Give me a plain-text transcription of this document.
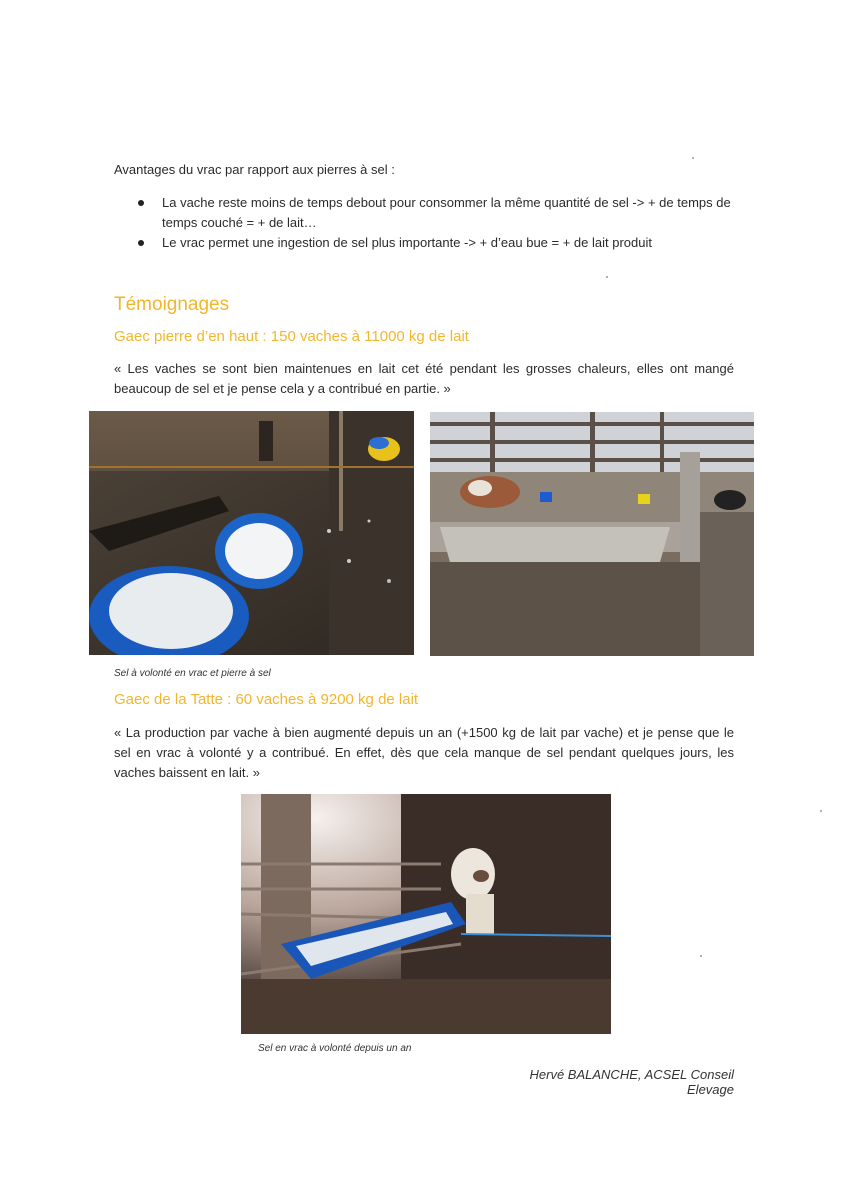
Avantages du vrac par rapport aux pierres à sel :
La vache reste moins de temps debout pour consommer la même quantité de sel -> + de temps de temps couché = + de lait…
Le vrac permet une ingestion de sel plus importante -> + d’eau bue = + de lait produit
Témoignages
Gaec pierre d’en haut : 150 vaches à 11000 kg de lait
« Les vaches se sont bien maintenues en lait cet été pendant les grosses chaleurs, elles ont mangé beaucoup de sel et je pense cela y a contribué en partie. »
Sel à volonté en vrac et pierre à sel
Gaec de la Tatte : 60 vaches à 9200 kg de lait
« La production par vache à bien augmenté depuis un an (+1500 kg de lait par vache) et je pense que le sel en vrac à volonté y a contribué. En effet, dès que cela manque de sel pendant quelques jours, les vaches baissent en lait. »
Sel en vrac à volonté depuis un an
Hervé BALANCHE, ACSEL Conseil Elevage
